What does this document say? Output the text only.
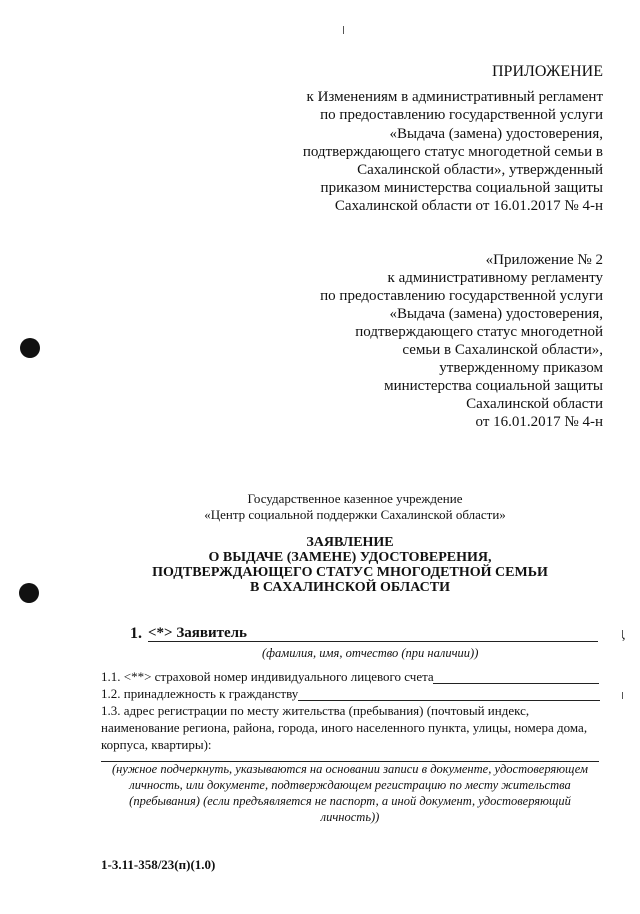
ПРИЛОЖЕНИЕ
к Изменениям в административный регламент
по предоставлению государственной услуги
«Выдача (замена) удостоверения,
подтверждающего статус многодетной семьи в
Сахалинской области», утвержденный
приказом министерства социальной защиты
Сахалинской области от 16.01.2017 № 4-н
«Приложение № 2
к административному регламенту
по предоставлению государственной услуги
«Выдача (замена) удостоверения,
подтверждающего статус многодетной
семьи в Сахалинской области»,
утвержденному приказом
министерства социальной защиты
Сахалинской области
от 16.01.2017 № 4-н
Государственное казенное учреждение
«Центр социальной поддержки Сахалинской области»
ЗАЯВЛЕНИЕ
О ВЫДАЧЕ (ЗАМЕНЕ) УДОСТОВЕРЕНИЯ,
ПОДТВЕРЖДАЮЩЕГО СТАТУС МНОГОДЕТНОЙ СЕМЬИ
В САХАЛИНСКОЙ ОБЛАСТИ
1. <*> Заявитель	,
(фамилия, имя, отчество (при наличии))
1.1. <**> страховой номер индивидуального лицевого счета
1.2. принадлежность к гражданству
1.3. адрес регистрации по месту жительства (пребывания) (почтовый индекс,
наименование региона, района, города, иного населенного пункта, улицы, номера дома,
корпуса, квартиры):
(нужное подчеркнуть, указываются на основании записи в документе, удостоверяющем
личность, или документе, подтверждающем регистрацию по месту жительства
(пребывания) (если предъявляется не паспорт, а иной документ, удостоверяющий
личность))
1-3.11-358/23(п)(1.0)
